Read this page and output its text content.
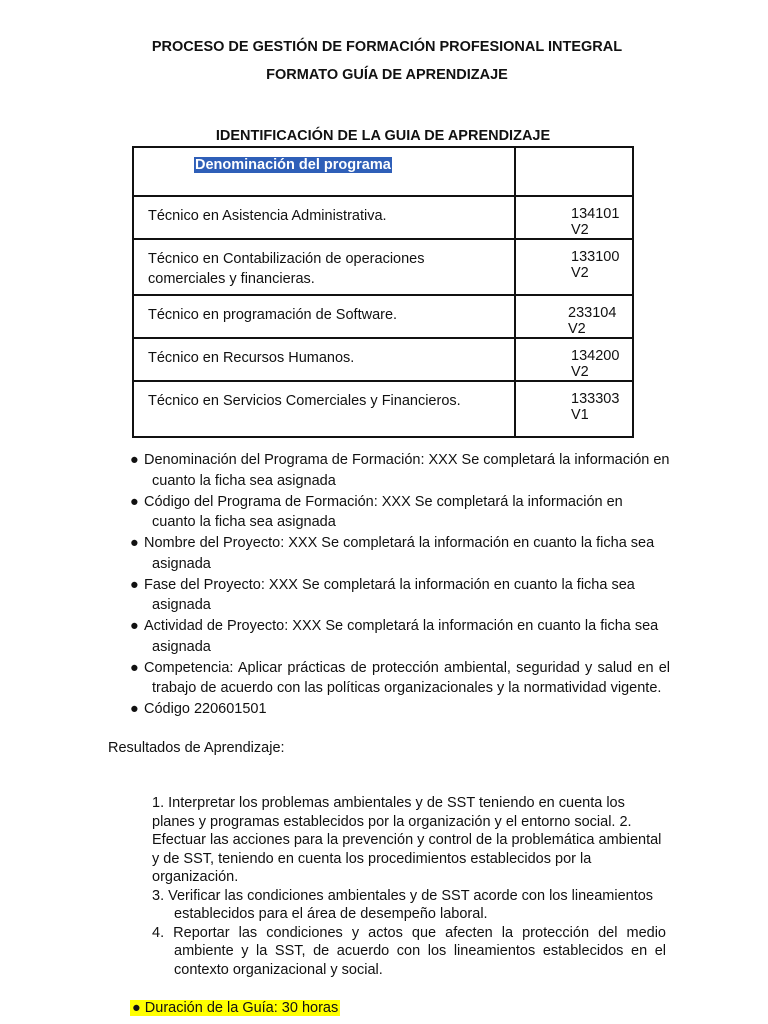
PROCESO DE GESTIÓN DE FORMACIÓN PROFESIONAL INTEGRAL
FORMATO GUÍA DE APRENDIZAJE
IDENTIFICACIÓN DE LA GUIA DE APRENDIZAJE
Denominación del programa	
Técnico en Asistencia Administrativa.	134101 V2
Técnico en Contabilización de operaciones comerciales y financieras.	133100 V2
Técnico en programación de Software.	233104 V2
Técnico en Recursos Humanos.	134200 V2
Técnico en Servicios Comerciales y Financieros.	133303 V1
● Denominación del Programa de Formación: XXX Se completará la información en cuanto la ficha sea asignada
● Código del Programa de Formación: XXX Se completará la información en cuanto la ficha sea asignada
● Nombre del Proyecto: XXX Se completará la información en cuanto la ficha sea asignada
● Fase del Proyecto: XXX Se completará la información en cuanto la ficha sea asignada
● Actividad de Proyecto: XXX Se completará la información en cuanto la ficha sea asignada
● Competencia: Aplicar prácticas de protección ambiental, seguridad y salud en el trabajo de acuerdo con las políticas organizacionales y la normatividad vigente.
● Código 220601501
Resultados de Aprendizaje:

1. Interpretar los problemas ambientales y de SST teniendo en cuenta los planes y programas establecidos por la organización y el entorno social. 2. Efectuar las acciones para la prevención y control de la problemática ambiental y de SST, teniendo en cuenta los procedimientos establecidos por la organización.

3. Verificar las condiciones ambientales y de SST acorde con los lineamientos establecidos para el área de desempeño laboral.

4. Reportar las condiciones y actos que afecten la protección del medio ambiente y la SST, de acuerdo con los lineamientos establecidos en el contexto organizacional y social.

● Duración de la Guía: 30 horas
